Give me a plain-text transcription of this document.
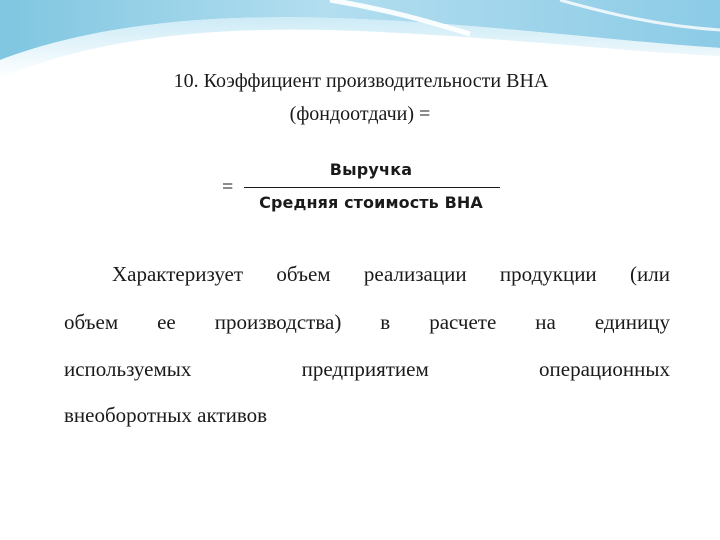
10. Коэффициент производительности ВНА
(фондоотдачи) =
=
Выручка
Средняя стоимость ВНА
Характеризует объем реализации продукции (или
объем ее производства) в расчете на единицу
используемых предприятием операционных
внеоборотных активов
